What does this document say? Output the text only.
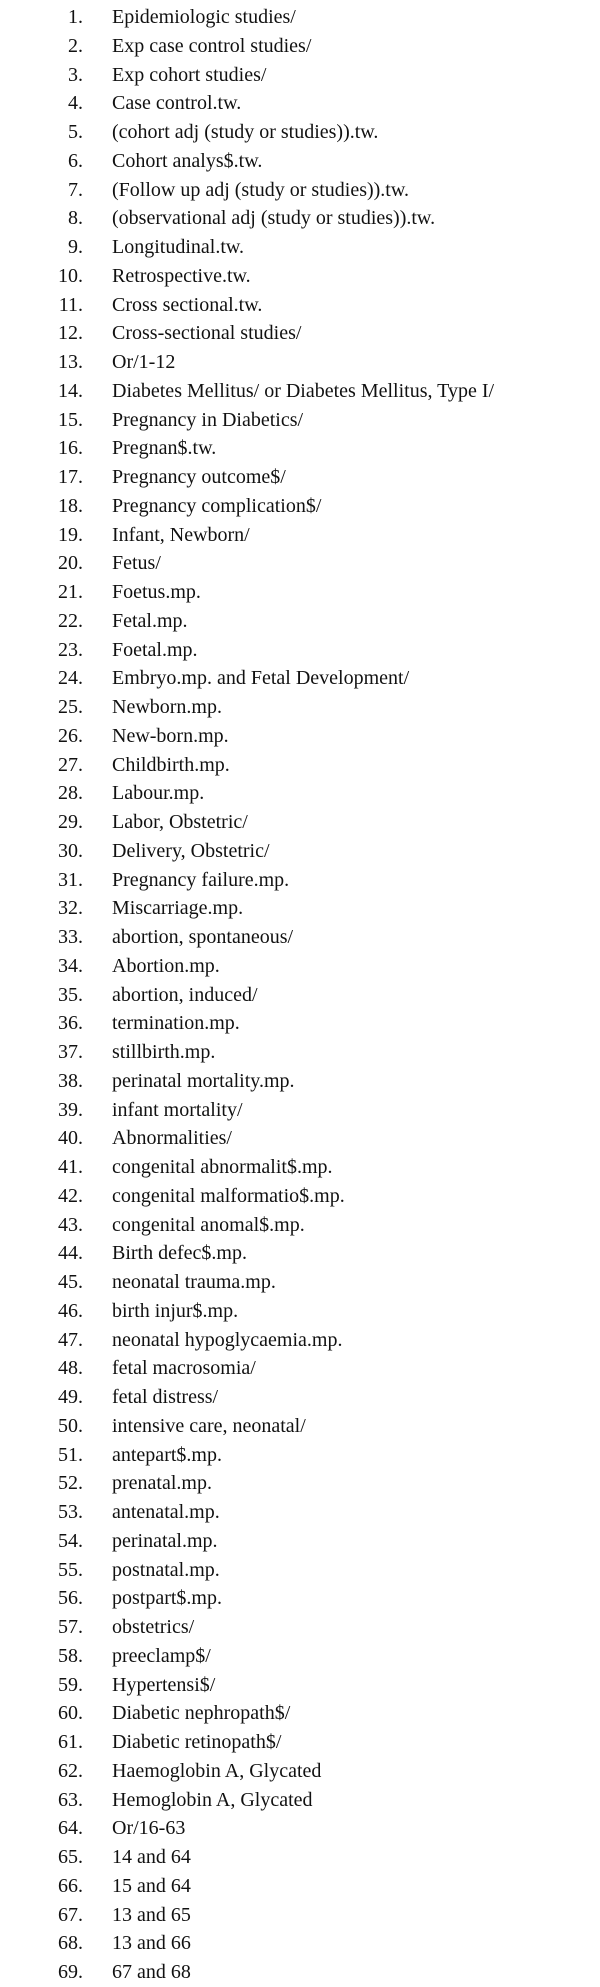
1. Epidemiologic studies/
2. Exp case control studies/
3. Exp cohort studies/
4. Case control.tw.
5. (cohort adj (study or studies)).tw.
6. Cohort analys$.tw.
7. (Follow up adj (study or studies)).tw.
8. (observational adj (study or studies)).tw.
9. Longitudinal.tw.
10. Retrospective.tw.
11. Cross sectional.tw.
12. Cross-sectional studies/
13. Or/1-12
14. Diabetes Mellitus/ or Diabetes Mellitus, Type I/
15. Pregnancy in Diabetics/
16. Pregnan$.tw.
17. Pregnancy outcome$/
18. Pregnancy complication$/
19. Infant, Newborn/
20. Fetus/
21. Foetus.mp.
22. Fetal.mp.
23. Foetal.mp.
24. Embryo.mp. and Fetal Development/
25. Newborn.mp.
26. New-born.mp.
27. Childbirth.mp.
28. Labour.mp.
29. Labor, Obstetric/
30. Delivery, Obstetric/
31. Pregnancy failure.mp.
32. Miscarriage.mp.
33. abortion, spontaneous/
34. Abortion.mp.
35. abortion, induced/
36. termination.mp.
37. stillbirth.mp.
38. perinatal mortality.mp.
39. infant mortality/
40. Abnormalities/
41. congenital abnormalit$.mp.
42. congenital malformatio$.mp.
43. congenital anomal$.mp.
44. Birth defec$.mp.
45. neonatal trauma.mp.
46. birth injur$.mp.
47. neonatal hypoglycaemia.mp.
48. fetal macrosomia/
49. fetal distress/
50. intensive care, neonatal/
51. antepart$.mp.
52. prenatal.mp.
53. antenatal.mp.
54. perinatal.mp.
55. postnatal.mp.
56. postpart$.mp.
57. obstetrics/
58. preeclamp$/
59. Hypertensi$/
60. Diabetic nephropath$/
61. Diabetic retinopath$/
62. Haemoglobin A, Glycated
63. Hemoglobin A, Glycated
64. Or/16-63
65. 14 and 64
66. 15 and 64
67. 13 and 65
68. 13 and 66
69. 67 and 68
